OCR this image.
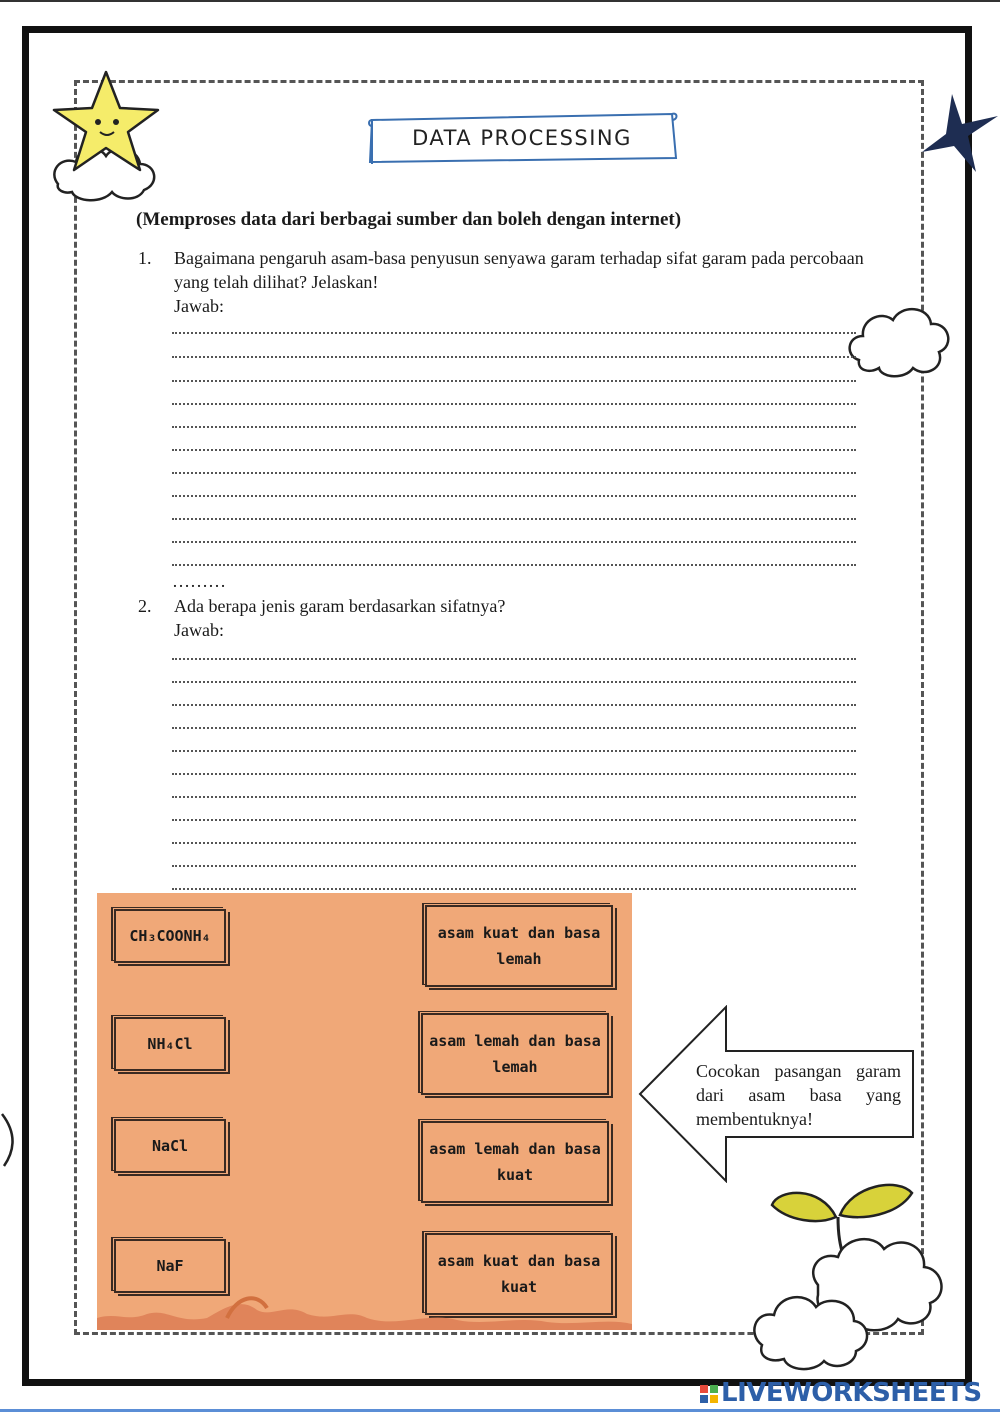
DATA PROCESSING
(Memproses data dari berbagai sumber dan boleh dengan internet)
1.	Bagaimana pengaruh asam-basa penyusun senyawa garam terhadap sifat garam pada percobaan yang telah dilihat? Jelaskan!
Jawab:
………
2.	Ada berapa jenis garam berdasarkan sifatnya?
Jawab:
CH₃COONH₄
NH₄Cl
NaCl
NaF
asam kuat dan basa lemah
asam lemah dan basa lemah
asam lemah dan basa kuat
asam kuat dan basa kuat
Cocokan pasangan garam dari asam basa yang membentuknya!
LIVEWORKSHEETS
